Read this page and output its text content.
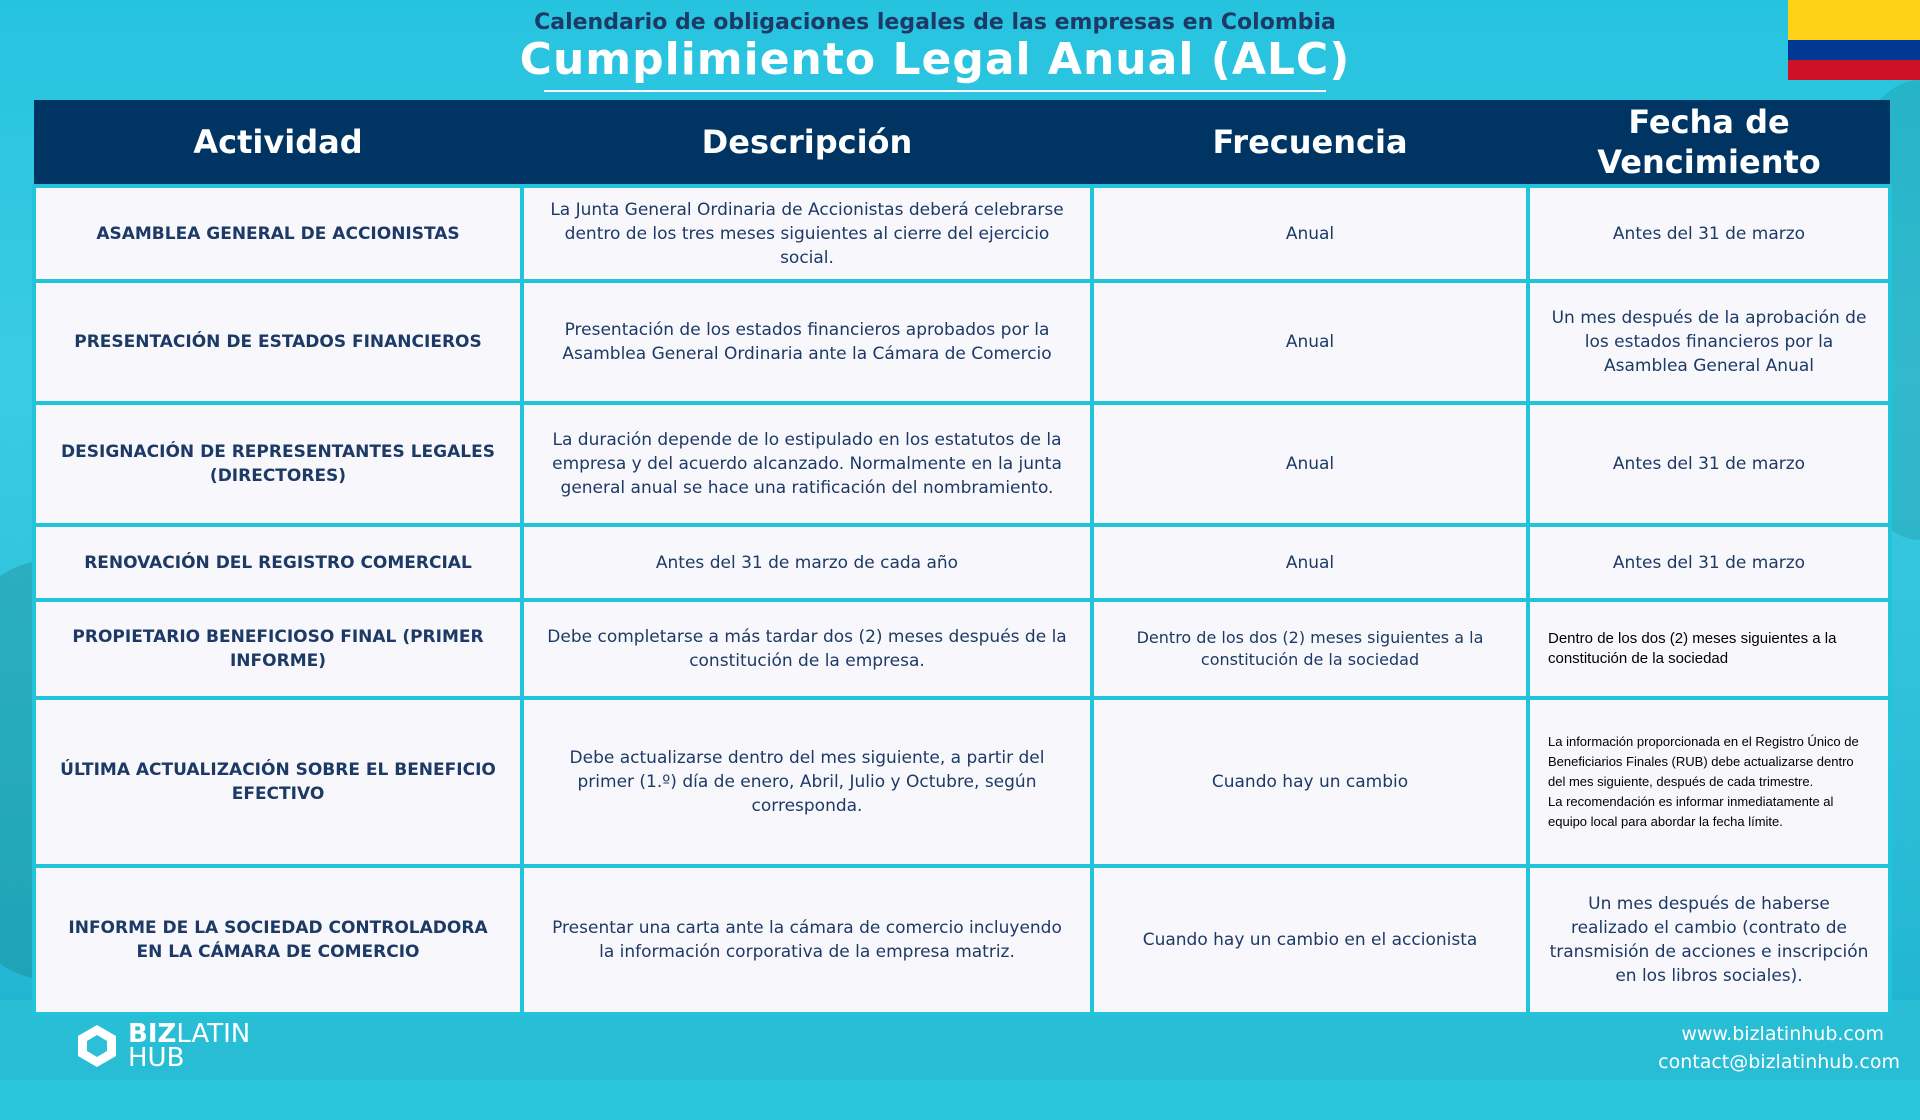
Calendario de obligaciones legales de las empresas en Colombia
Cumplimiento Legal Anual (ALC)
Actividad	Descripción	Frecuencia	Fecha de Vencimiento
ASAMBLEA GENERAL DE ACCIONISTAS	La Junta General Ordinaria de Accionistas deberá celebrarse dentro de los tres meses siguientes al cierre del ejercicio social.	Anual	Antes del 31 de marzo
PRESENTACIÓN DE ESTADOS FINANCIEROS	Presentación de los estados financieros aprobados por la Asamblea General Ordinaria ante la Cámara de Comercio	Anual	Un mes después de la aprobación de los estados financieros por la Asamblea General Anual
DESIGNACIÓN DE REPRESENTANTES LEGALES (DIRECTORES)	La duración depende de lo estipulado en los estatutos de la empresa y del acuerdo alcanzado. Normalmente en la junta general anual se hace una ratificación del nombramiento.	Anual	Antes del 31 de marzo
RENOVACIÓN DEL REGISTRO COMERCIAL	Antes del 31 de marzo de cada año	Anual	Antes del 31 de marzo
PROPIETARIO BENEFICIOSO FINAL (PRIMER INFORME)	Debe completarse a más tardar dos (2) meses después de la constitución de la empresa.	Dentro de los dos (2) meses siguientes a la constitución de la sociedad	Dentro de los dos (2) meses siguientes a la constitución de la sociedad
ÚLTIMA ACTUALIZACIÓN SOBRE EL BENEFICIO EFECTIVO	Debe actualizarse dentro del mes siguiente, a partir del primer (1.º) día de enero, Abril, Julio y Octubre, según corresponda.	Cuando hay un cambio	La información proporcionada en el Registro Único de Beneficiarios Finales (RUB) debe actualizarse dentro del mes siguiente, después de cada trimestre.
La recomendación es informar inmediatamente al equipo local para abordar la fecha límite.

INFORME DE LA SOCIEDAD CONTROLADORA EN LA CÁMARA DE COMERCIO	Presentar una carta ante la cámara de comercio incluyendo la información corporativa de la empresa matriz.	Cuando hay un cambio en el accionista	Un mes después de haberse realizado el cambio (contrato de transmisión de acciones e inscripción en los libros sociales).
BIZLATIN
HUB
www.bizlatinhub.com
contact@bizlatinhub.com
